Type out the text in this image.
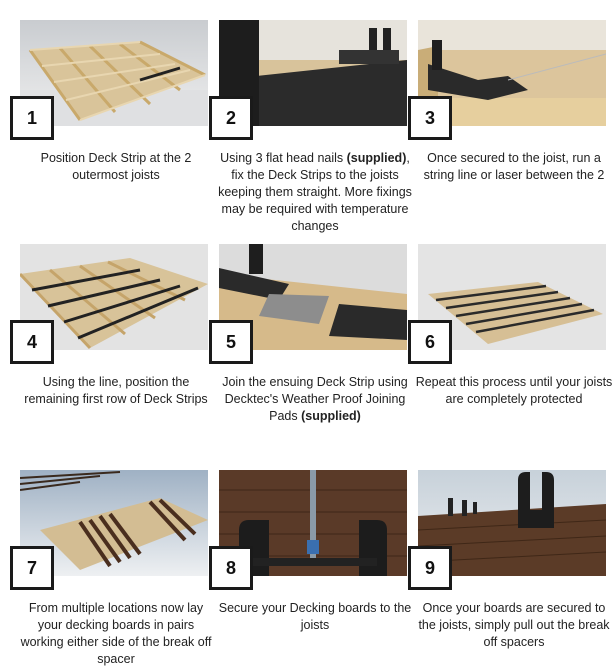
1
Position Deck Strip at the 2 outermost joists
2
Using 3 flat head nails (supplied), fix the Deck Strips to the joists keeping them straight. More fixings may be required with temperature changes
3
Once secured to the joist, run a string line or laser between the 2
4
Using the line, position the remaining first row of Deck Strips
5
Join the ensuing Deck Strip using Decktec's Weather Proof Joining Pads (supplied)
6
Repeat this process until your joists are completely protected
7
From multiple locations now lay your decking boards in pairs working either side of the break off spacer
8
Secure your Decking boards to the joists
9
Once your boards are secured to the joists, simply pull out the break off spacers
